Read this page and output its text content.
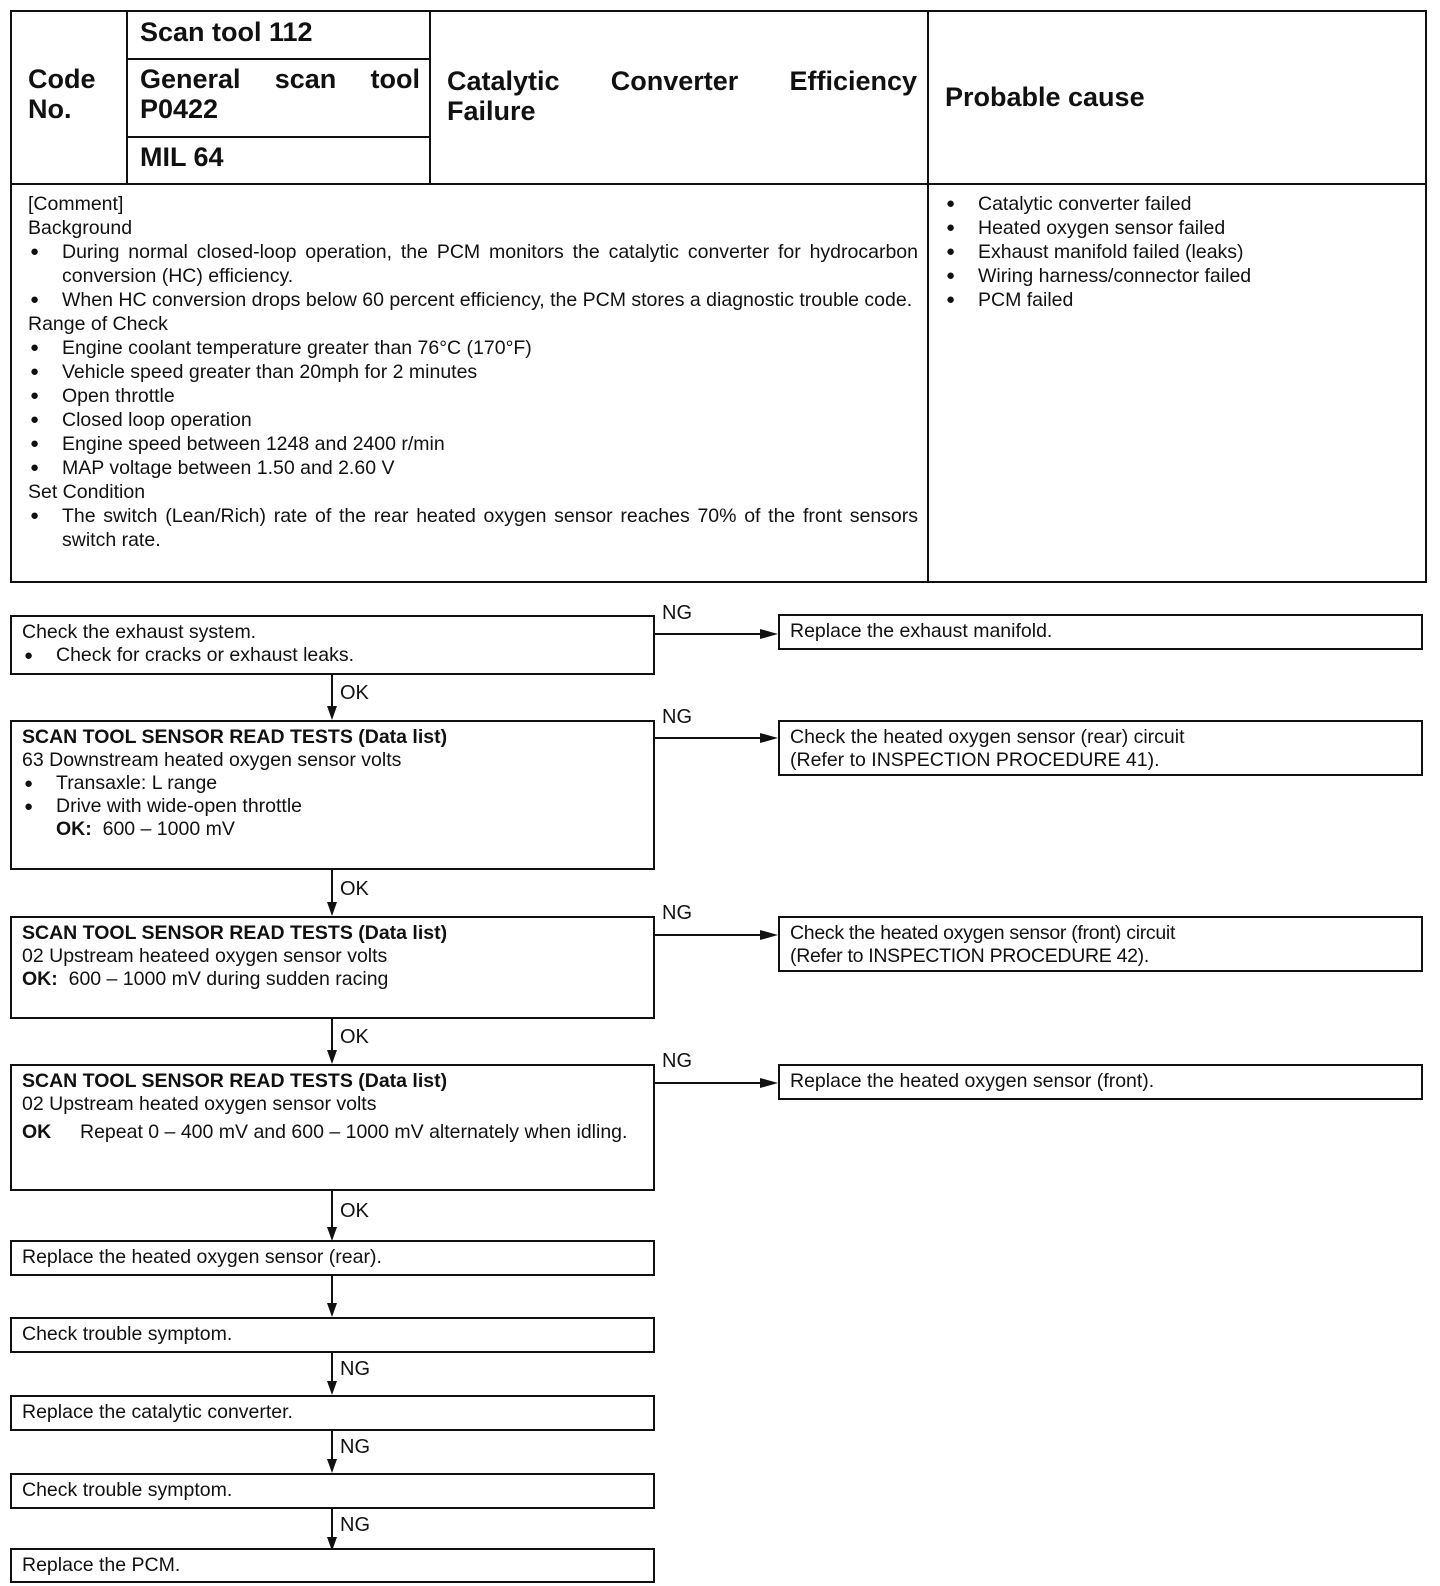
Code No.
Scan tool 112
General scan tool P0422
MIL 64
Catalytic Converter Efficiency Failure	Probable cause
[Comment]
Background
● During normal closed-loop operation, the PCM monitors the catalytic converter for hydrocarbon conversion (HC) efficiency.
● When HC conversion drops below 60 percent efficiency, the PCM stores a diagnostic trouble code.
Range of Check
● Engine coolant temperature greater than 76°C (170°F)
● Vehicle speed greater than 20mph for 2 minutes
● Open throttle
● Closed loop operation
● Engine speed between 1248 and 2400 r/min
● MAP voltage between 1.50 and 2.60 V
Set Condition
● The switch (Lean/Rich) rate of the rear heated oxygen sensor reaches 70% of the front sensors switch rate.
● Catalytic converter failed
● Heated oxygen sensor failed
● Exhaust manifold failed (leaks)
● Wiring harness/connector failed
● PCM failed
Check the exhaust system.
● Check for cracks or exhaust leaks.
NG
Replace the exhaust manifold.
OK
SCAN TOOL SENSOR READ TESTS (Data list)
63 Downstream heated oxygen sensor volts
● Transaxle: L range
● Drive with wide-open throttle
OK: 600 – 1000 mV
NG
Check the heated oxygen sensor (rear) circuit
(Refer to INSPECTION PROCEDURE 41).
OK
SCAN TOOL SENSOR READ TESTS (Data list)
02 Upstream heateed oxygen sensor volts
OK: 600 – 1000 mV during sudden racing
NG
Check the heated oxygen sensor (front) circuit
(Refer to INSPECTION PROCEDURE 42).
OK
SCAN TOOL SENSOR READ TESTS (Data list)
02 Upstream heated oxygen sensor volts
OK Repeat 0 – 400 mV and 600 – 1000 mV alternately when idling.
NG
Replace the heated oxygen sensor (front).
OK
Replace the heated oxygen sensor (rear).
Check trouble symptom.
NG
Replace the catalytic converter.
NG
Check trouble symptom.
NG
Replace the PCM.
